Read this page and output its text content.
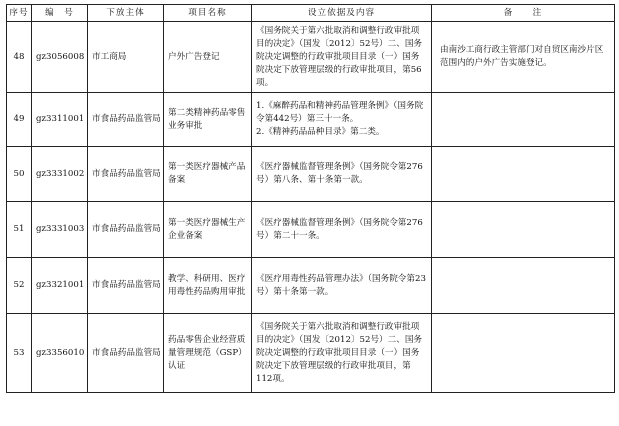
序号	编　号	下放主体	项目名称	设立依据及内容	备　　注
48	gz3056008	市工商局	户外广告登记	《国务院关于第六批取消和调整行政审批项目的决定》（国发〔2012〕52号）二、国务院决定调整的行政审批项目目录（一）国务院决定下放管理层级的行政审批项目，第56项。	由南沙工商行政主管部门对自贸区南沙片区范围内的户外广告实施登记。
49	gz3311001	市食品药品监管局	第二类精神药品零售业务审批	1.《麻醉药品和精神药品管理条例》（国务院令第442号）第三十一条。
2.《精神药品品种目录》第二类。	

50	gz3331002	市食品药品监管局	第一类医疗器械产品备案	《医疗器械监督管理条例》（国务院令第276号）第八条、第十条第一款。	

51	gz3331003	市食品药品监管局	第一类医疗器械生产企业备案	《医疗器械监督管理条例》（国务院令第276号）第二十一条。	

52	gz3321001	市食品药品监管局	教学、科研用、医疗用毒性药品购用审批	《医疗用毒性药品管理办法》（国务院令第23号）第十条第一款。	

53	gz3356010	市食品药品监管局	药品零售企业经营质量管理规范（GSP）认证	《国务院关于第六批取消和调整行政审批项目的决定》（国发〔2012〕52号）二、国务院决定调整的行政审批项目目录（一）国务院决定下放管理层级的行政审批项目，第112项。	
